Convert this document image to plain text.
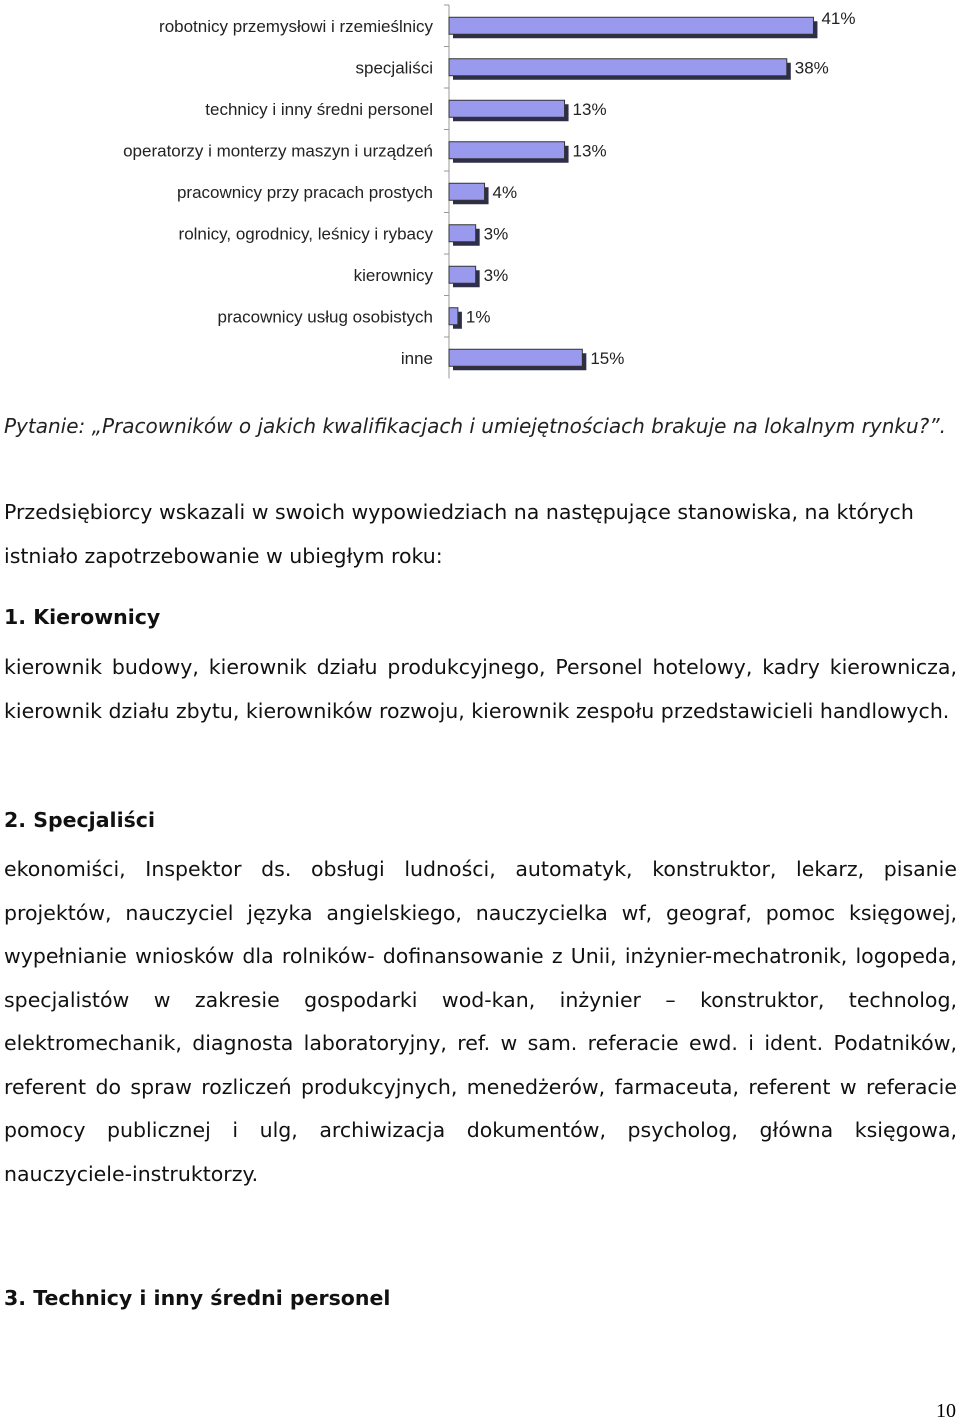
robotnicy przemysłowi i rzemieślnicy
specjaliści
technicy i inny średni personel
operatorzy i monterzy maszyn i urządzeń
pracownicy przy pracach prostych
rolnicy, ogrodnicy, leśnicy i rybacy
kierownicy
pracownicy usług osobistych
inne
41%
38%
13%
13%
4%
3%
3%
1%
15%
Pytanie: „Pracowników o jakich kwalifikacjach i umiejętnościach brakuje na lokalnym rynku?”.
Przedsiębiorcy wskazali w swoich wypowiedziach na następujące stanowiska, na których istniało zapotrzebowanie w ubiegłym roku:
1. Kierownicy
kierownik budowy, kierownik działu produkcyjnego, Personel hotelowy, kadry kierownicza, kierownik działu zbytu, kierowników rozwoju, kierownik zespołu przedstawicieli handlowych.
2. Specjaliści
ekonomiści, Inspektor ds. obsługi ludności, automatyk, konstruktor, lekarz, pisanie projektów, nauczyciel języka angielskiego, nauczycielka wf, geograf, pomoc księgowej, wypełnianie wniosków dla rolników- dofinansowanie z Unii, inżynier-mechatronik, logopeda, specjalistów w zakresie gospodarki wod-kan, inżynier – konstruktor, technolog, elektromechanik, diagnosta laboratoryjny, ref. w sam. referacie ewd. i ident. Podatników, referent do spraw rozliczeń produkcyjnych, menedżerów, farmaceuta, referent w referacie pomocy publicznej i ulg, archiwizacja dokumentów, psycholog, główna księgowa, nauczyciele-instruktorzy.
3. Technicy i inny średni personel
10
